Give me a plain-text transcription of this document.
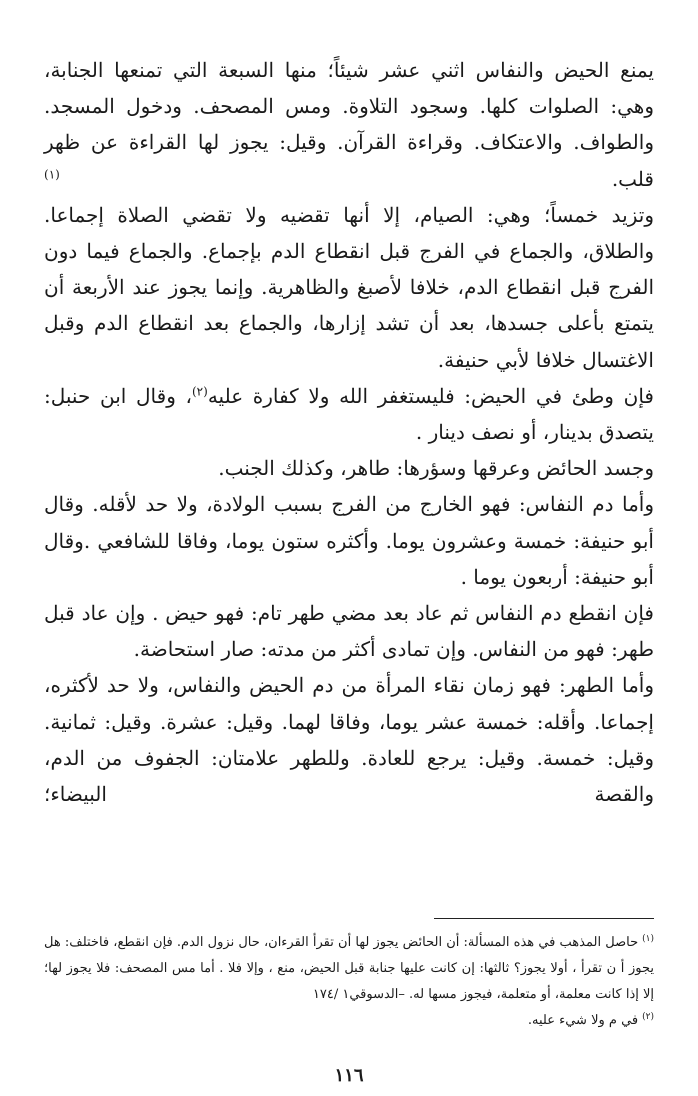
يمنع الحيض والنفاس اثني عشر شيئاً؛ منها السبعة التي تمنعها الجنابة، وهي: الصلوات كلها. وسجود التلاوة. ومس المصحف. ودخول المسجد. والطواف. والاعتكاف. وقراءة القرآن. وقيل: يجوز لها القراءة عن ظهر قلب. $^{(١)}$

وتزيد خمساً؛ وهي: الصيام، إلا أنها تقضيه ولا تقضي الصلاة إجماعا. والطلاق، والجماع في الفرج قبل انقطاع الدم بإجماع. والجماع فيما دون الفرج قبل انقطاع الدم، خلافا لأصبغ والظاهرية. وإنما يجوز عند الأربعة أن يتمتع بأعلى جسدها، بعد أن تشد إزارها، والجماع بعد انقطاع الدم وقبل الاغتسال خلافا لأبي حنيفة.

فإن وطئ في الحيض: فليستغفر الله ولا كفارة عليه$^{(٢)}$، وقال ابن حنبل: يتصدق بدينار، أو نصف دينار .

وجسد الحائض وعرقها وسؤرها: طاهر، وكذلك الجنب.

وأما دم النفاس: فهو الخارج من الفرج بسبب الولادة، ولا حد لأقله. وقال أبو حنيفة: خمسة وعشرون يوما. وأكثره ستون يوما، وفاقا للشافعي .وقال أبو حنيفة: أربعون يوما .

فإن انقطع دم النفاس ثم عاد بعد مضي طهر تام: فهو حيض . وإن عاد قبل طهر: فهو من النفاس. وإن تمادى أكثر من مدته: صار استحاضة.

وأما الطهر: فهو زمان نقاء المرأة من دم الحيض والنفاس، ولا حد لأكثره، إجماعا. وأقله: خمسة عشر يوما، وفاقا لهما. وقيل: عشرة. وقيل: ثمانية. وقيل: خمسة. وقيل: يرجع للعادة. وللطهر علامتان: الجفوف من الدم، والقصة البيضاء؛

$^{(١)}$حاصل المذهب في هذه المسألة: أن الحائض يجوز لها أن تقرأ القرءان، حال نزول الدم. فإن انقطع، فاختلف: هل يجوز أ ن تقرأ ، أولا يجوز؟ ثالثها: إن كانت عليها جنابة قبل الحيض، منع ، وإلا فلا . أما مس المصحف: فلا يجوز لها؛ إلا إذا كانت معلمة، أو متعلمة، فيجوز مسها له. –الدسوقي١ /١٧٤

$^{(٢)}$في م ولا شيء عليه.

١١٦
